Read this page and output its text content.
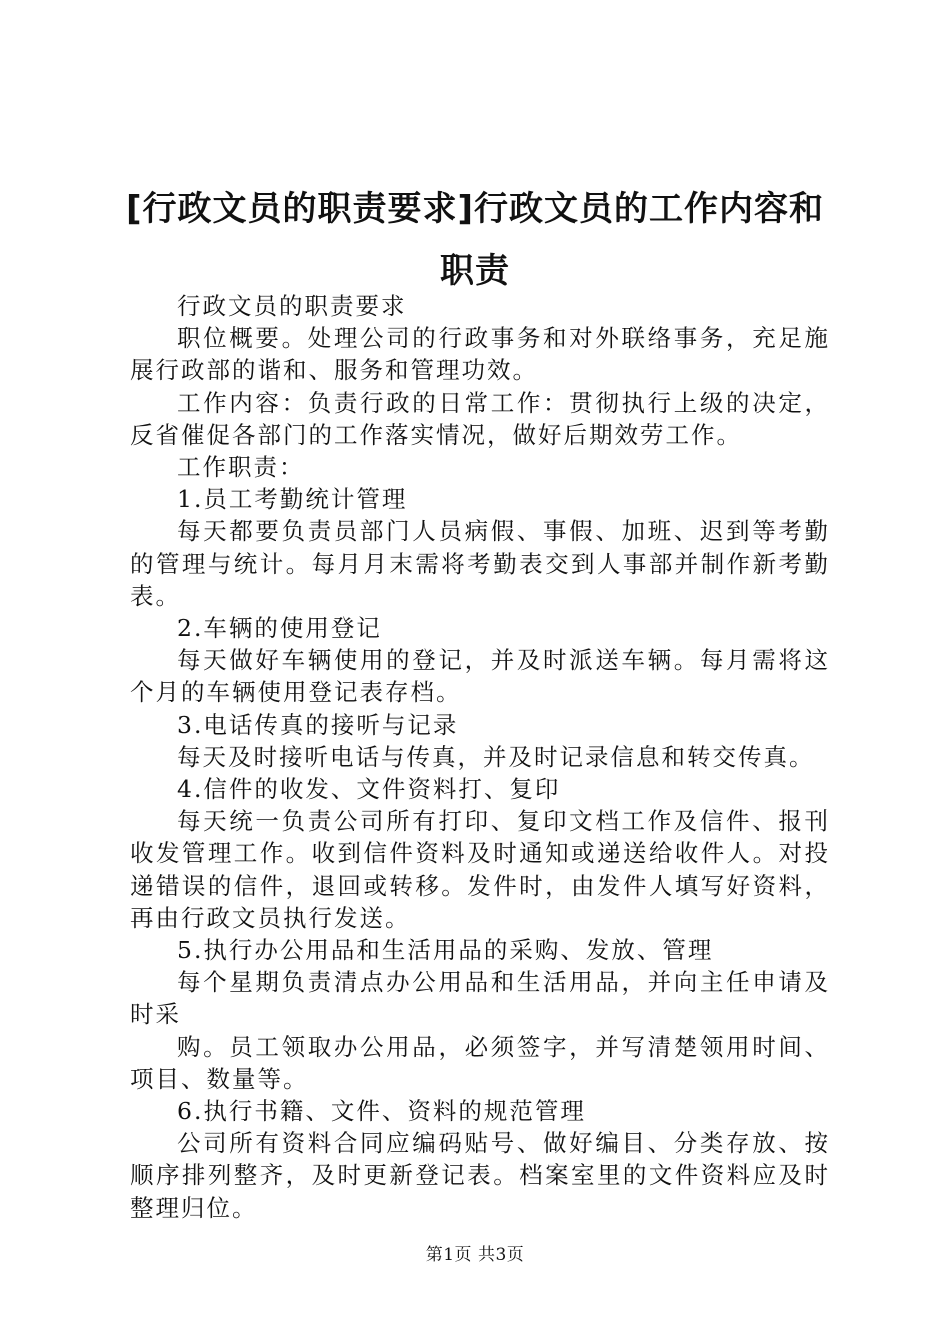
[行政文员的职责要求]行政文员的工作内容和职责

行政文员的职责要求

职位概要。处理公司的行政事务和对外联络事务，充足施展行政部的谐和、服务和管理功效。

工作内容：负责行政的日常工作：贯彻执行上级的决定，反省催促各部门的工作落实情况，做好后期效劳工作。

工作职责：

1.员工考勤统计管理

每天都要负责员部门人员病假、事假、加班、迟到等考勤的管理与统计。每月月末需将考勤表交到人事部并制作新考勤表。

2.车辆的使用登记

每天做好车辆使用的登记，并及时派送车辆。每月需将这个月的车辆使用登记表存档。

3.电话传真的接听与记录

每天及时接听电话与传真，并及时记录信息和转交传真。

4.信件的收发、文件资料打、复印

每天统一负责公司所有打印、复印文档工作及信件、报刊收发管理工作。收到信件资料及时通知或递送给收件人。对投递错误的信件，退回或转移。发件时，由发件人填写好资料，再由行政文员执行发送。

5.执行办公用品和生活用品的采购、发放、管理

每个星期负责清点办公用品和生活用品，并向主任申请及时采

购。员工领取办公用品，必须签字，并写清楚领用时间、项目、数量等。

6.执行书籍、文件、资料的规范管理

公司所有资料合同应编码贴号、做好编目、分类存放、按顺序排列整齐，及时更新登记表。档案室里的文件资料应及时整理归位。

第1页 共3页
